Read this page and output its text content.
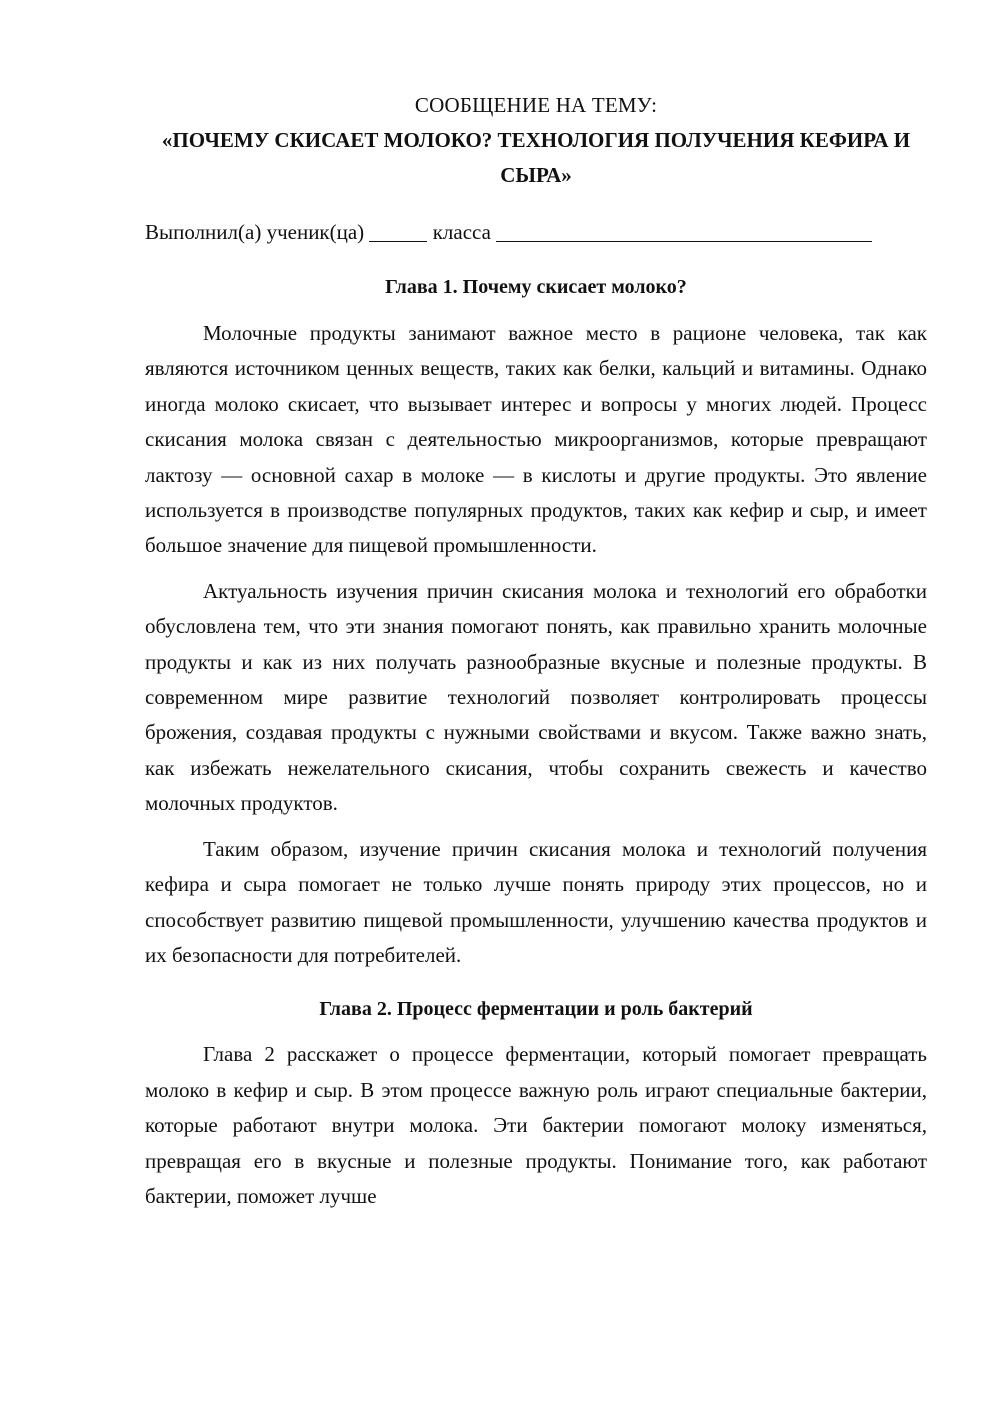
СООБЩЕНИЕ НА ТЕМУ:

«ПОЧЕМУ СКИСАЕТ МОЛОКО? ТЕХНОЛОГИЯ ПОЛУЧЕНИЯ КЕФИРА И СЫРА»

Выполнил(а) ученик(ца)	класса

Глава 1. Почему скисает молоко?

Молочные продукты занимают важное место в рационе человека, так как являются источником ценных веществ, таких как белки, кальций и витамины. Однако иногда молоко скисает, что вызывает интерес и вопросы у многих людей. Процесс скисания молока связан с деятельностью микроорганизмов, которые превращают лактозу — основной сахар в молоке — в кислоты и другие продукты. Это явление используется в производстве популярных продуктов, таких как кефир и сыр, и имеет большое значение для пищевой промышленности.

Актуальность изучения причин скисания молока и технологий его обработки обусловлена тем, что эти знания помогают понять, как правильно хранить молочные продукты и как из них получать разнообразные вкусные и полезные продукты. В современном мире развитие технологий позволяет контролировать процессы брожения, создавая продукты с нужными свойствами и вкусом. Также важно знать, как избежать нежелательного скисания, чтобы сохранить свежесть и качество молочных продуктов.

Таким образом, изучение причин скисания молока и технологий получения кефира и сыра помогает не только лучше понять природу этих процессов, но и способствует развитию пищевой промышленности, улучшению качества продуктов и их безопасности для потребителей.

Глава 2. Процесс ферментации и роль бактерий

Глава 2 расскажет о процессе ферментации, который помогает превращать молоко в кефир и сыр. В этом процессе важную роль играют специальные бактерии, которые работают внутри молока. Эти бактерии помогают молоку изменяться, превращая его в вкусные и полезные продукты. Понимание того, как работают бактерии, поможет лучше
